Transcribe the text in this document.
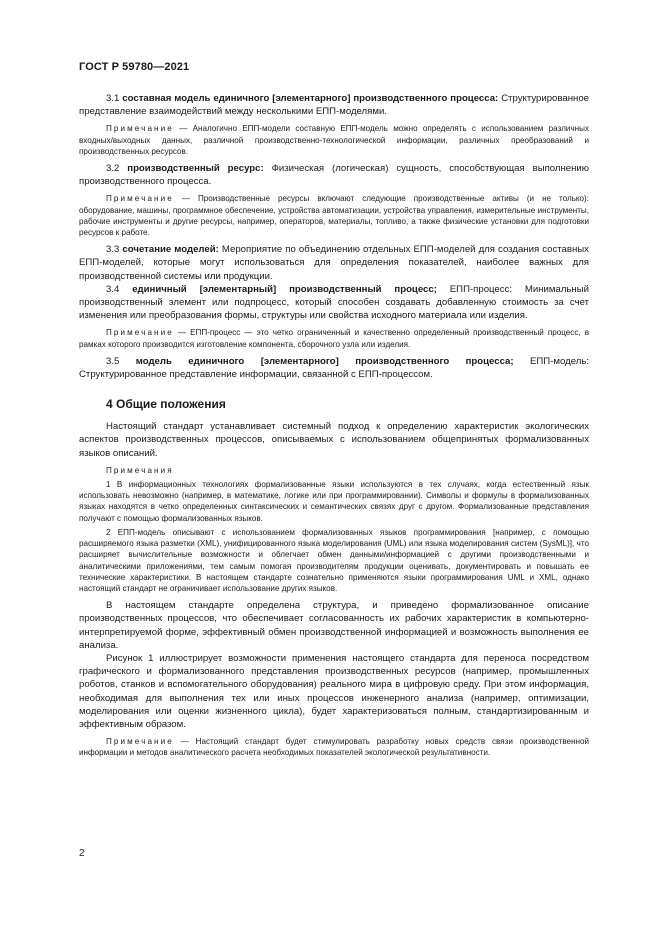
ГОСТ Р 59780—2021

3.1 составная модель единичного [элементарного] производственного процесса: Структурированное представление взаимодействий между несколькими ЕПП-моделями.

Примечание — Аналогично ЕПП-модели составную ЕПП-модель можно определять с использованием различных входных/выходных данных, различной производственно-технологической информации, различных преобразований и производственных ресурсов.

3.2 производственный ресурс: Физическая (логическая) сущность, способствующая выполнению производственного процесса.

Примечание — Производственные ресурсы включают следующие производственные активы (и не только): оборудование, машины, программное обеспечение, устройства автоматизации, устройства управления, измерительные инструменты, рабочие инструменты и другие ресурсы, например, операторов, материалы, топливо, а также физические установки для подготовки ресурсов к работе.

3.3 сочетание моделей: Мероприятие по объединению отдельных ЕПП-моделей для создания составных ЕПП-моделей, которые могут использоваться для определения показателей, наиболее важных для производственной системы или продукции.

3.4 единичный [элементарный] производственный процесс; ЕПП-процесс: Минимальный производственный элемент или подпроцесс, который способен создавать добавленную стоимость за счет изменения или преобразования формы, структуры или свойства исходного материала или изделия.

Примечание — ЕПП-процесс — это четко ограниченный и качественно определенный производственный процесс, в рамках которого производится изготовление компонента, сборочного узла или изделия.

3.5 модель единичного [элементарного] производственного процесса; ЕПП-модель: Структурированное представление информации, связанной с ЕПП-процессом.

4 Общие положения

Настоящий стандарт устанавливает системный подход к определению характеристик экологических аспектов производственных процессов, описываемых с использованием общепринятых формализованных языков описаний.

Примечания

1 В информационных технологиях формализованные языки используются в тех случаях, когда естественный язык использовать невозможно (например, в математике, логике или при программировании). Символы и формулы в формализованных языках находятся в четко определенных синтаксических и семантических связях друг с другом. Формализованные представления получают с помощью формализованных языков.

2 ЕПП-модель описывают с использованием формализованных языков программирования [например, с помощью расширяемого языка разметки (XML), унифицированного языка моделирования (UML) или языка моделирования систем (SysML)], что расширяет вычислительные возможности и облегчает обмен данными/информацией с другими производственными и аналитическими приложениями, тем самым помогая производителям продукции оценивать, документировать и повышать ее технические характеристики. В настоящем стандарте сознательно применяются языки программирования UML и XML, однако настоящий стандарт не ограничивает использование других языков.

В настоящем стандарте определена структура, и приведено формализованное описание производственных процессов, что обеспечивает согласованность их рабочих характеристик в компьютерно-интерпретируемой форме, эффективный обмен производственной информацией и возможность выполнения ее анализа.

Рисунок 1 иллюстрирует возможности применения настоящего стандарта для переноса посредством графического и формализованного представления производственных ресурсов (например, промышленных роботов, станков и вспомогательного оборудования) реального мира в цифровую среду. При этом информация, необходимая для выполнения тех или иных процессов инженерного анализа (например, оптимизации, моделирования или оценки жизненного цикла), будет характеризоваться полным, стандартизированным и эффективным образом.

Примечание — Настоящий стандарт будет стимулировать разработку новых средств связи производственной информации и методов аналитического расчета необходимых показателей экологической результативности.

2
